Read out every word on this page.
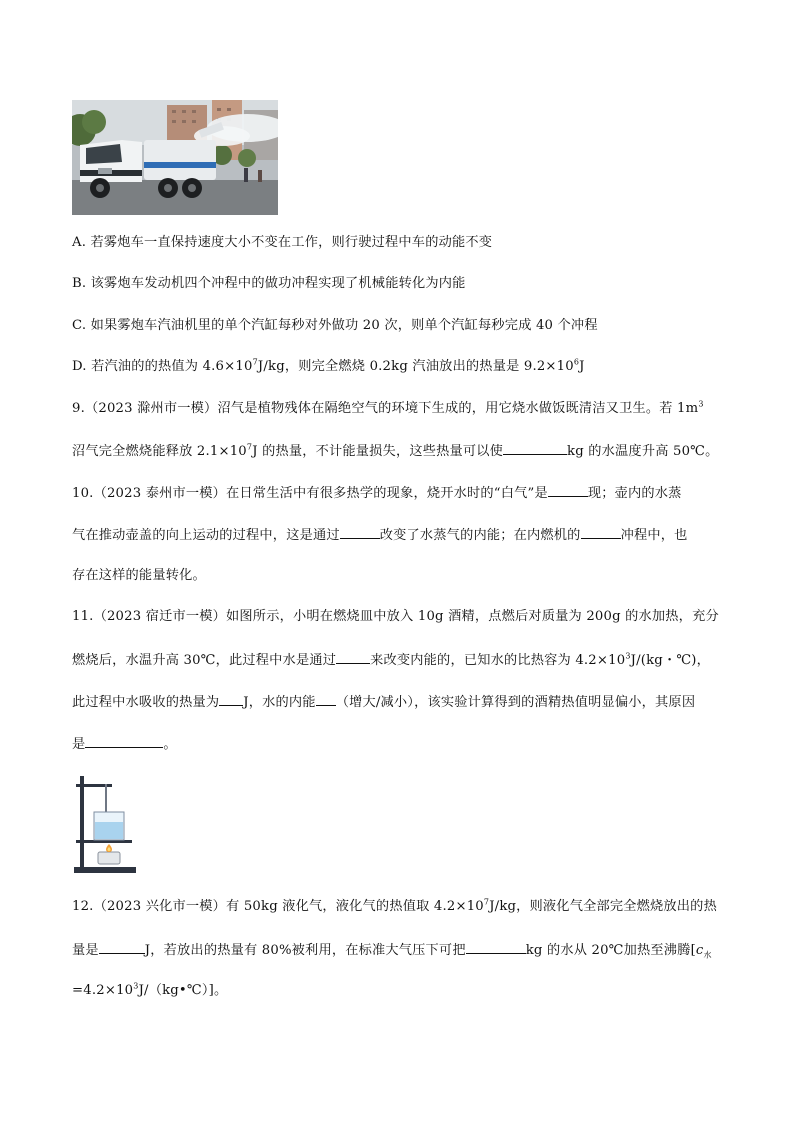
A. 若雾炮车一直保持速度大小不变在工作，则行驶过程中车的动能不变
B. 该雾炮车发动机四个冲程中的做功冲程实现了机械能转化为内能
C. 如果雾炮车汽油机里的单个汽缸每秒对外做功 20 次，则单个汽缸每秒完成 40 个冲程
D. 若汽油的的热值为 $4.6\times 10^7J/kg$，则完全燃烧 0.2kg 汽油放出的热量是 $9.2\times 10^6J$
9.（2023 滁州市一模）沼气是植物残体在隔绝空气的环境下生成的，用它烧水做饭既清洁又卫生。若 $1m^3$
沼气完全燃烧能释放 $2.1\times 10^7J$ 的热量，不计能量损失，这些热量可以使	kg 的水温度升高 50℃。
10.（2023 泰州市一模）在日常生活中有很多热学的现象，烧开水时的“白气”是	现；壶内的水蒸
气在推动壶盖的向上运动的过程中，这是通过	改变了水蒸气的内能；在内燃机的	冲程中，也
存在这样的能量转化。
11.（2023 宿迁市一模）如图所示，小明在燃烧皿中放入 10g 酒精，点燃后对质量为 200g 的水加热，充分
燃烧后，水温升高 30℃，此过程中水是通过	来改变内能的，已知水的比热容为 $4.2\times 10^3J/(kg$・℃)，
此过程中水吸收的热量为 J，水的内能 （增大/减小），该实验计算得到的酒精热值明显偏小，其原因
是	。
12.（2023 兴化市一模）有 50kg 液化气，液化气的热值取 $4.2\times 10^7J/kg$，则液化气全部完全燃烧放出的热
量是	J，若放出的热量有 80%被利用，在标准大气压下可把	kg 的水从 20℃加热至沸腾[$c_水$
$=4.2\times 10^3J/(kg•℃)$]。
